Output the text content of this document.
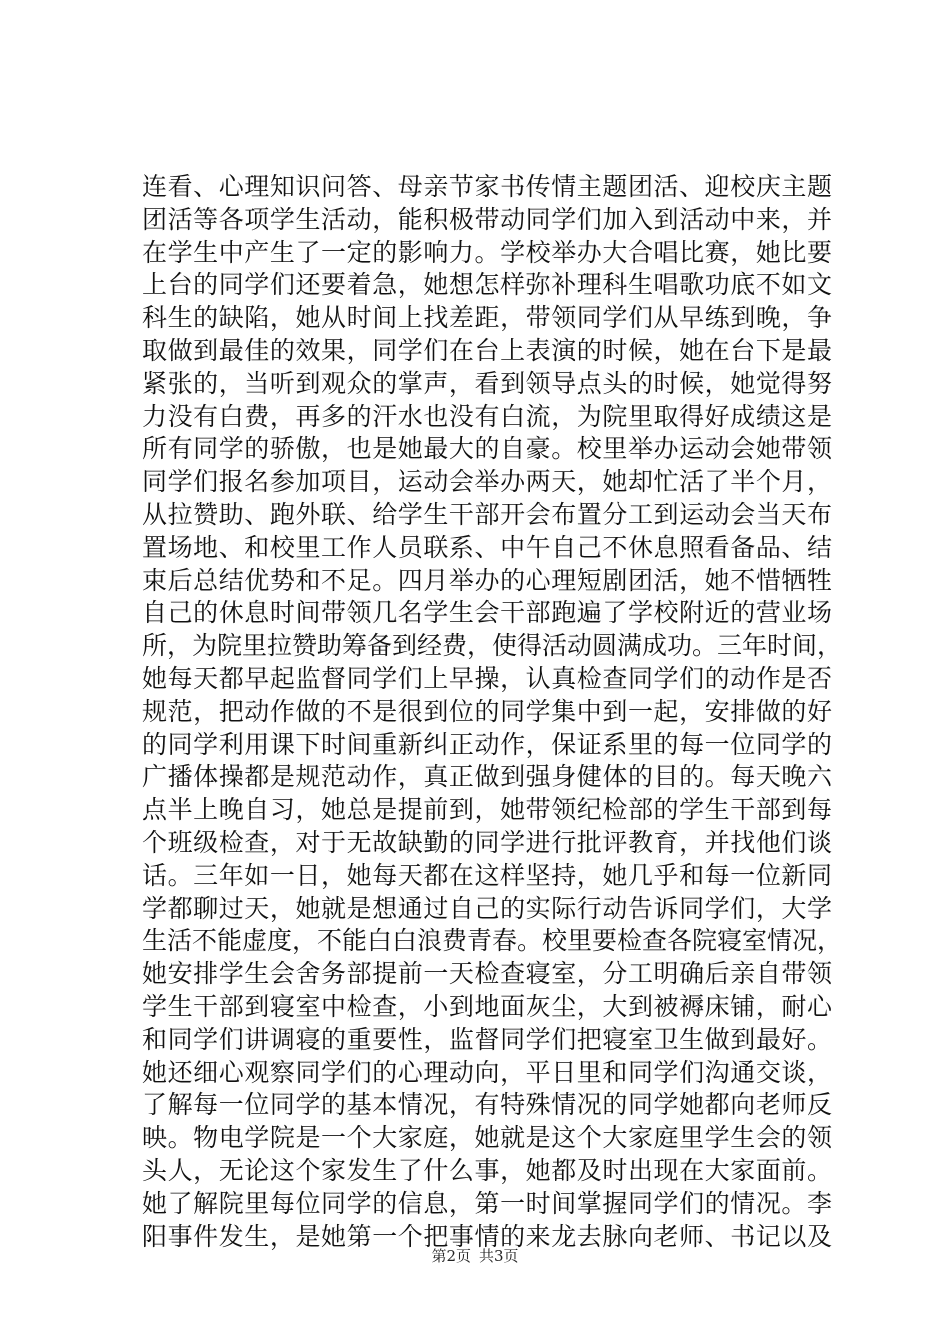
连看、心理知识问答、母亲节家书传情主题团活、迎校庆主题
团活等各项学生活动，能积极带动同学们加入到活动中来，并
在学生中产生了一定的影响力。学校举办大合唱比赛，她比要
上台的同学们还要着急，她想怎样弥补理科生唱歌功底不如文
科生的缺陷，她从时间上找差距，带领同学们从早练到晚，争
取做到最佳的效果，同学们在台上表演的时候，她在台下是最
紧张的，当听到观众的掌声，看到领导点头的时候，她觉得努
力没有白费，再多的汗水也没有白流，为院里取得好成绩这是
所有同学的骄傲，也是她最大的自豪。校里举办运动会她带领
同学们报名参加项目，运动会举办两天，她却忙活了半个月，
从拉赞助、跑外联、给学生干部开会布置分工到运动会当天布
置场地、和校里工作人员联系、中午自己不休息照看备品、结
束后总结优势和不足。四月举办的心理短剧团活，她不惜牺牲
自己的休息时间带领几名学生会干部跑遍了学校附近的营业场
所，为院里拉赞助筹备到经费，使得活动圆满成功。三年时间，
她每天都早起监督同学们上早操，认真检查同学们的动作是否
规范，把动作做的不是很到位的同学集中到一起，安排做的好
的同学利用课下时间重新纠正动作，保证系里的每一位同学的
广播体操都是规范动作，真正做到强身健体的目的。每天晚六
点半上晚自习，她总是提前到，她带领纪检部的学生干部到每
个班级检查，对于无故缺勤的同学进行批评教育，并找他们谈
话。三年如一日，她每天都在这样坚持，她几乎和每一位新同
学都聊过天，她就是想通过自己的实际行动告诉同学们，大学
生活不能虚度，不能白白浪费青春。校里要检查各院寝室情况，
她安排学生会舍务部提前一天检查寝室，分工明确后亲自带领
学生干部到寝室中检查，小到地面灰尘，大到被褥床铺，耐心
和同学们讲调寝的重要性，监督同学们把寝室卫生做到最好。
她还细心观察同学们的心理动向，平日里和同学们沟通交谈，
了解每一位同学的基本情况，有特殊情况的同学她都向老师反
映。物电学院是一个大家庭，她就是这个大家庭里学生会的领
头人，无论这个家发生了什么事，她都及时出现在大家面前。
她了解院里每位同学的信息，第一时间掌握同学们的情况。李
阳事件发生，是她第一个把事情的来龙去脉向老师、书记以及
第2页 共3页
